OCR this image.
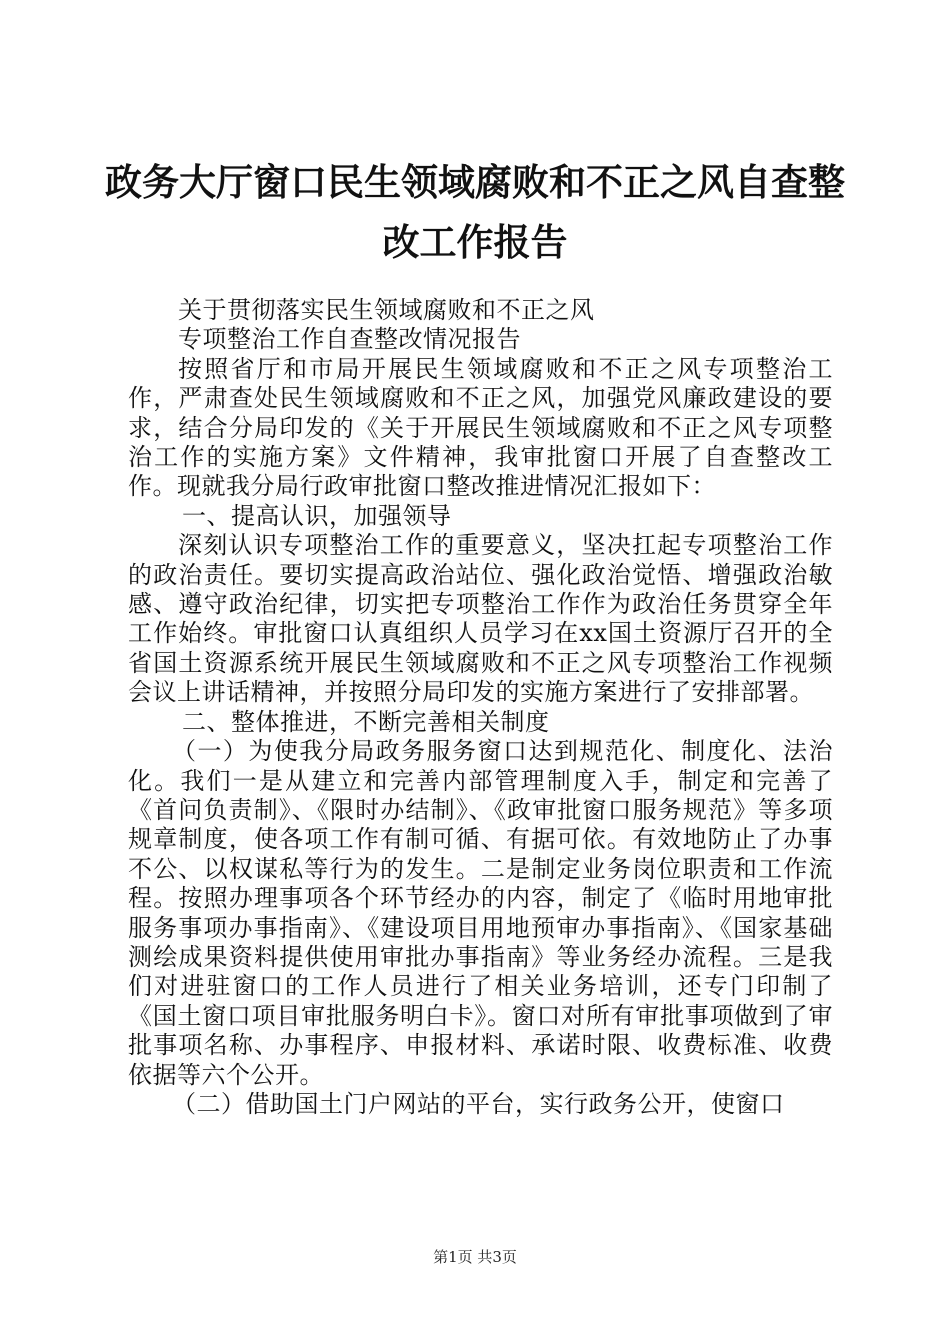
政务大厅窗口民生领域腐败和不正之风自查整
改工作报告

关于贯彻落实民生领域腐败和不正之风

专项整治工作自查整改情况报告

按照省厅和市局开展民生领域腐败和不正之风专项整治工作，严肃查处民生领域腐败和不正之风，加强党风廉政建设的要求，结合分局印发的《关于开展民生领域腐败和不正之风专项整治工作的实施方案》文件精神，我审批窗口开展了自查整改工作。现就我分局行政审批窗口整改推进情况汇报如下：

一、提高认识，加强领导

深刻认识专项整治工作的重要意义，坚决扛起专项整治工作的政治责任。要切实提高政治站位、强化政治觉悟、增强政治敏感、遵守政治纪律，切实把专项整治工作作为政治任务贯穿全年工作始终。审批窗口认真组织人员学习在xx国土资源厅召开的全省国土资源系统开展民生领域腐败和不正之风专项整治工作视频会议上讲话精神，并按照分局印发的实施方案进行了安排部署。

二、整体推进，不断完善相关制度

（一）为使我分局政务服务窗口达到规范化、制度化、法治化。我们一是从建立和完善内部管理制度入手，制定和完善了《首问负责制》、《限时办结制》、《政审批窗口服务规范》等多项规章制度，使各项工作有制可循、有据可依。有效地防止了办事不公、以权谋私等行为的发生。二是制定业务岗位职责和工作流程。按照办理事项各个环节经办的内容，制定了《临时用地审批服务事项办事指南》、《建设项目用地预审办事指南》、《国家基础测绘成果资料提供使用审批办事指南》等业务经办流程。三是我们对进驻窗口的工作人员进行了相关业务培训，还专门印制了《国土窗口项目审批服务明白卡》。窗口对所有审批事项做到了审批事项名称、办事程序、申报材料、承诺时限、收费标准、收费依据等六个公开。

（二）借助国土门户网站的平台，实行政务公开，使窗口

第1页 共3页
